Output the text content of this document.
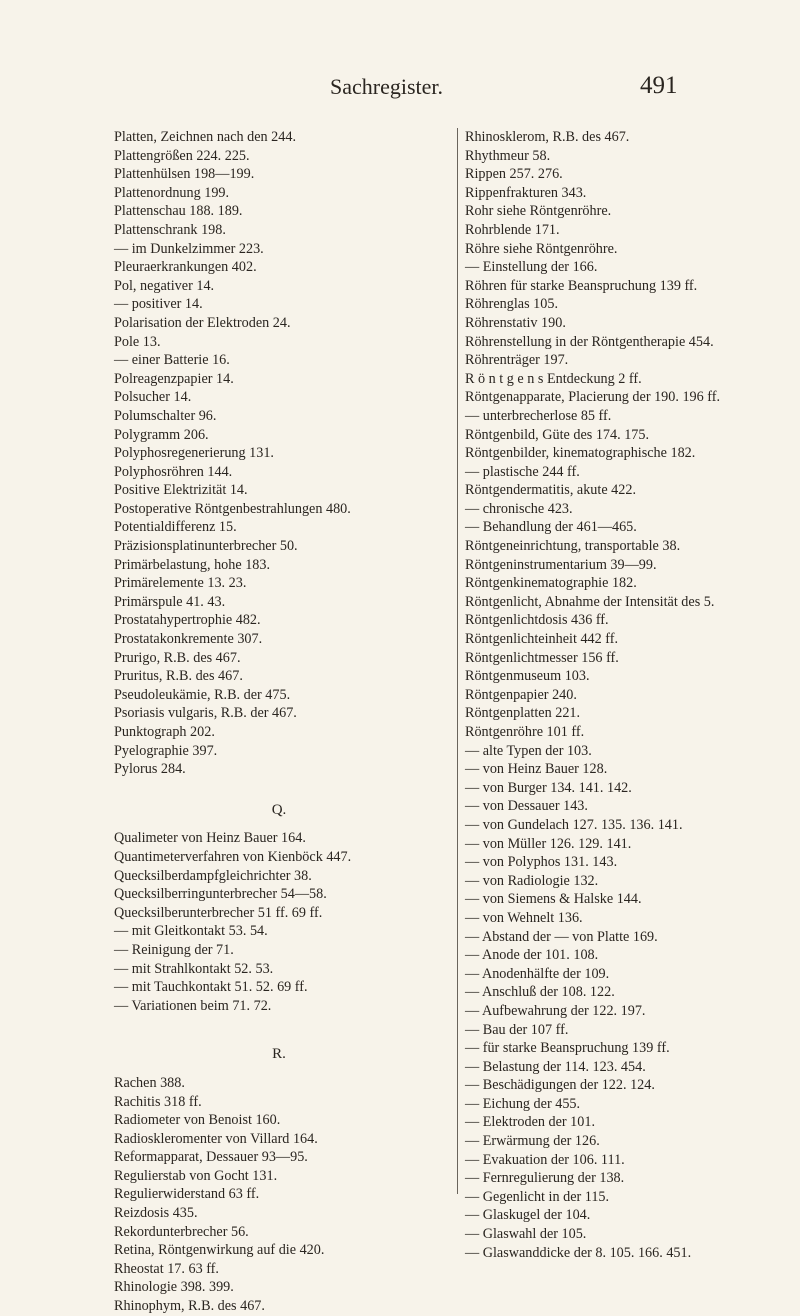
Sachregister.	491
Platten, Zeichnen nach den 244.
Plattengrößen 224. 225.
Plattenhülsen 198—199.
Plattenordnung 199.
Plattenschau 188. 189.
Plattenschrank 198.
— im Dunkelzimmer 223.
Pleuraerkrankungen 402.
Pol, negativer 14.
— positiver 14.
Polarisation der Elektroden 24.
Pole 13.
— einer Batterie 16.
Polreagenzpapier 14.
Polsucher 14.
Polumschalter 96.
Polygramm 206.
Polyphosregenerierung 131.
Polyphosröhren 144.
Positive Elektrizität 14.
Postoperative Röntgenbestrahlungen 480.
Potentialdifferenz 15.
Präzisionsplatinunterbrecher 50.
Primärbelastung, hohe 183.
Primärelemente 13. 23.
Primärspule 41. 43.
Prostatahypertrophie 482.
Prostatakonkremente 307.
Prurigo, R.B. des 467.
Pruritus, R.B. des 467.
Pseudoleukämie, R.B. der 475.
Psoriasis vulgaris, R.B. der 467.
Punktograph 202.
Pyelographie 397.
Pylorus 284.
Q.
Qualimeter von Heinz Bauer 164.
Quantimeterverfahren von Kienböck 447.
Quecksilberdampfgleichrichter 38.
Quecksilberringunterbrecher 54—58.
Quecksilberunterbrecher 51 ff. 69 ff.
— mit Gleitkontakt 53. 54.
— Reinigung der 71.
— mit Strahlkontakt 52. 53.
— mit Tauchkontakt 51. 52. 69 ff.
— Variationen beim 71. 72.
R.
Rachen 388.
Rachitis 318 ff.
Radiometer von Benoist 160.
Radioskleromenter von Villard 164.
Reformapparat, Dessauer 93—95.
Regulierstab von Gocht 131.
Regulierwiderstand 63 ff.
Reizdosis 435.
Rekordunterbrecher 56.
Retina, Röntgenwirkung auf die 420.
Rheostat 17. 63 ff.
Rhinologie 398. 399.
Rhinophym, R.B. des 467.
Rhinosklerom, R.B. des 467.
Rhythmeur 58.
Rippen 257. 276.
Rippenfrakturen 343.
Rohr siehe Röntgenröhre.
Rohrblende 171.
Röhre siehe Röntgenröhre.
— Einstellung der 166.
Röhren für starke Beanspruchung 139 ff.
Röhrenglas 105.
Röhrenstativ 190.
Röhrenstellung in der Röntgentherapie 454.
Röhrenträger 197.
R ö n t g e n s Entdeckung 2 ff.
Röntgenapparate, Placierung der 190. 196 ff.
— unterbrecherlose 85 ff.
Röntgenbild, Güte des 174. 175.
Röntgenbilder, kinematographische 182.
— plastische 244 ff.
Röntgendermatitis, akute 422.
— chronische 423.
— Behandlung der 461—465.
Röntgeneinrichtung, transportable 38.
Röntgeninstrumentarium 39—99.
Röntgenkinematographie 182.
Röntgenlicht, Abnahme der Intensität des 5.
Röntgenlichtdosis 436 ff.
Röntgenlichteinheit 442 ff.
Röntgenlichtmesser 156 ff.
Röntgenmuseum 103.
Röntgenpapier 240.
Röntgenplatten 221.
Röntgenröhre 101 ff.
— alte Typen der 103.
— von Heinz Bauer 128.
— von Burger 134. 141. 142.
— von Dessauer 143.
— von Gundelach 127. 135. 136. 141.
— von Müller 126. 129. 141.
— von Polyphos 131. 143.
— von Radiologie 132.
— von Siemens & Halske 144.
— von Wehnelt 136.
— Abstand der — von Platte 169.
— Anode der 101. 108.
— Anodenhälfte der 109.
— Anschluß der 108. 122.
— Aufbewahrung der 122. 197.
— Bau der 107 ff.
— für starke Beanspruchung 139 ff.
— Belastung der 114. 123. 454.
— Beschädigungen der 122. 124.
— Eichung der 455.
— Elektroden der 101.
— Erwärmung der 126.
— Evakuation der 106. 111.
— Fernregulierung der 138.
— Gegenlicht in der 115.
— Glaskugel der 104.
— Glaswahl der 105.
— Glaswanddicke der 8. 105. 166. 451.
